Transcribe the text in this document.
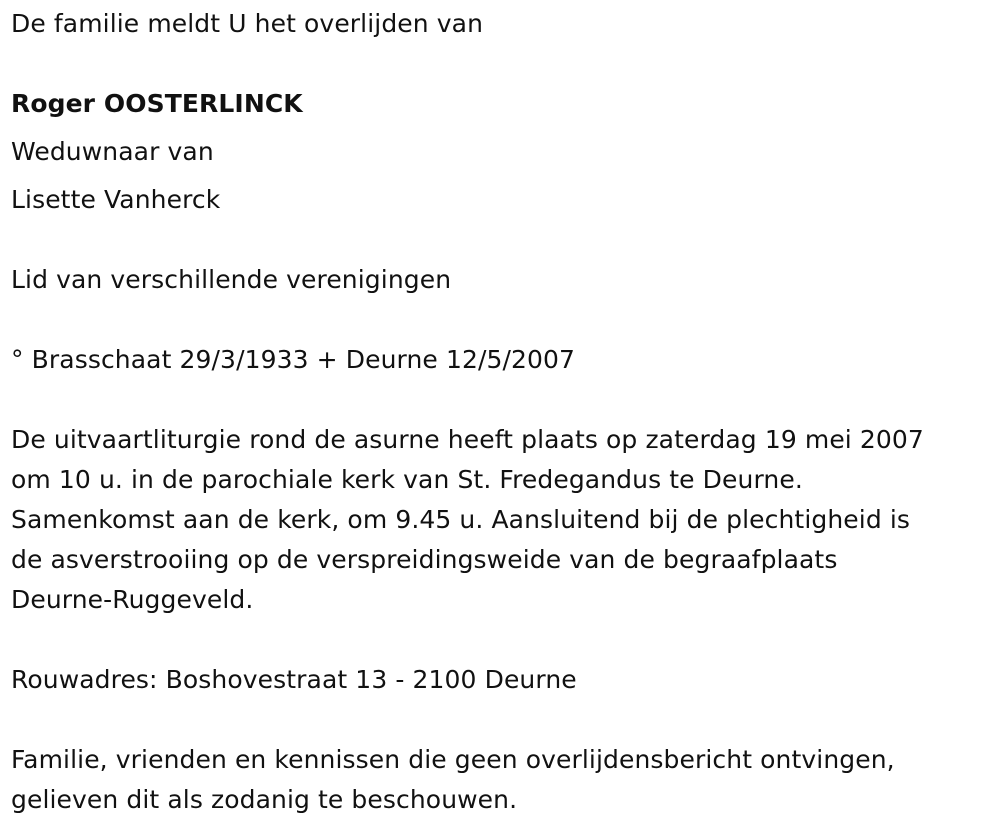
De familie meldt U het overlijden van
Roger OOSTERLINCK
Weduwnaar van
Lisette Vanherck
Lid van verschillende verenigingen
° Brasschaat 29/3/1933 + Deurne 12/5/2007
De uitvaartliturgie rond de asurne heeft plaats op zaterdag 19 mei 2007
om 10 u. in de parochiale kerk van St. Fredegandus te Deurne.
Samenkomst aan de kerk, om 9.45 u. Aansluitend bij de plechtigheid is
de asverstrooiing op de verspreidingsweide van de begraafplaats
Deurne-Ruggeveld.
Rouwadres: Boshovestraat 13 - 2100 Deurne
Familie, vrienden en kennissen die geen overlijdensbericht ontvingen,
gelieven dit als zodanig te beschouwen.
